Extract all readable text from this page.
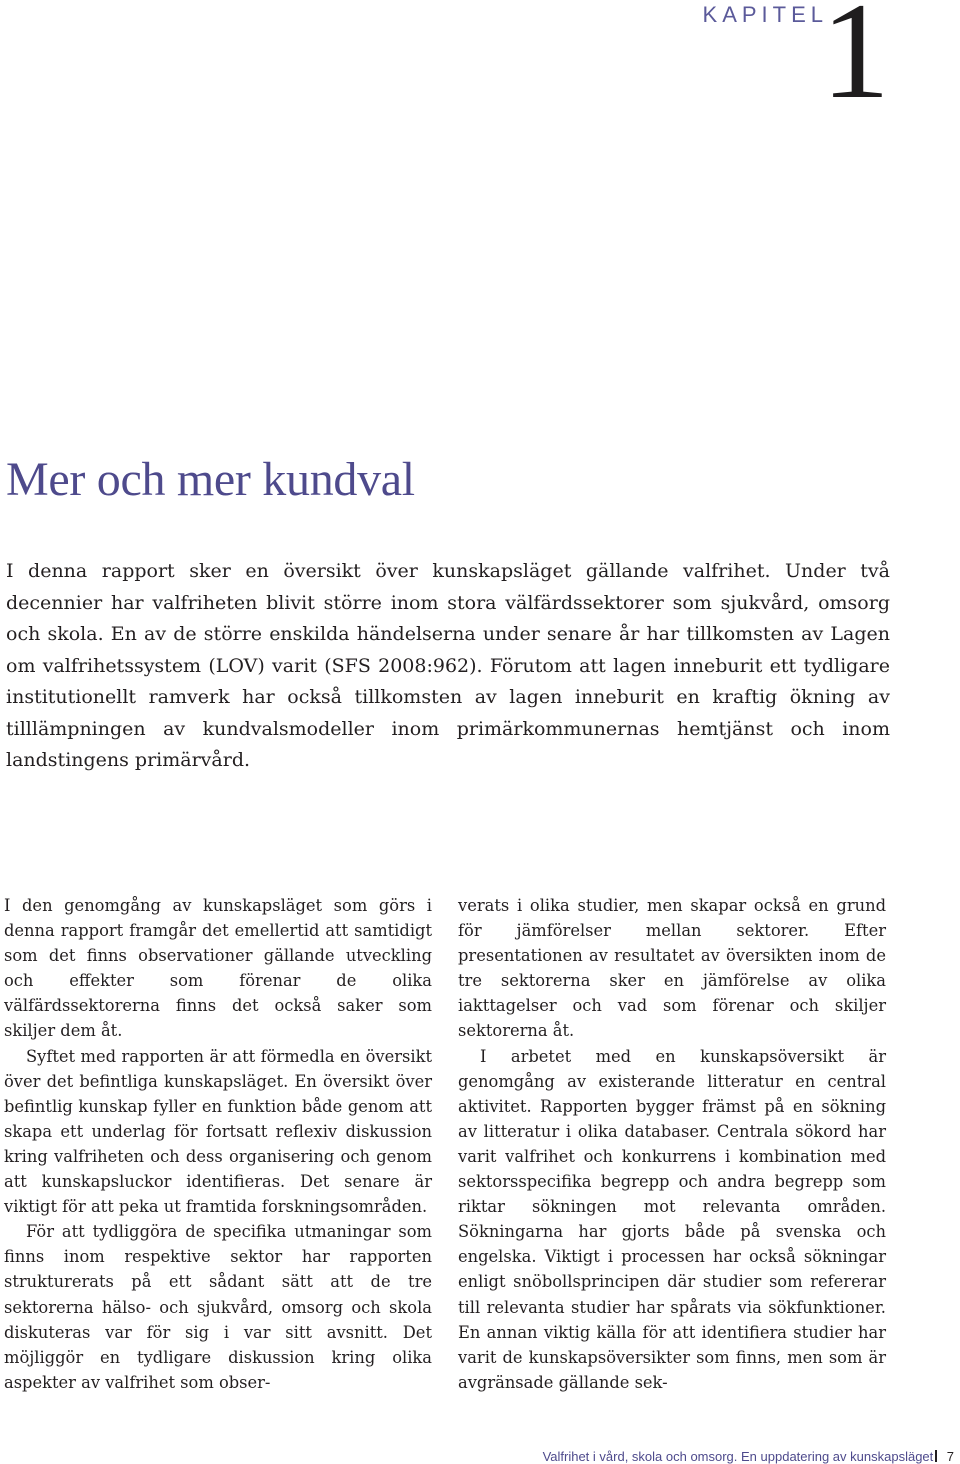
KAPITEL
1
Mer och mer kundval

I denna rapport sker en översikt över kunskapsläget gällande valfrihet. Under två decennier har valfriheten blivit större inom stora välfärdssektorer som sjukvård, omsorg och skola. En av de större enskilda händelserna under senare år har tillkomsten av Lagen om valfrihetssystem (LOV) varit (SFS 2008:962). Förutom att lagen inneburit ett tydligare institutionellt ramverk har också tillkomsten av lagen inneburit en kraftig ökning av tilllämpningen av kundvalsmodeller inom primärkommunernas hemtjänst och inom landstingens primärvård.

I den genomgång av kunskapsläget som görs i denna rapport framgår det emellertid att samtidigt som det finns observationer gällande utveckling och effekter som förenar de olika välfärdssektorerna finns det också saker som skiljer dem åt.

Syftet med rapporten är att förmedla en översikt över det befintliga kunskapsläget. En översikt över befintlig kunskap fyller en funktion både genom att skapa ett underlag för fortsatt reflexiv diskussion kring valfriheten och dess organisering och genom att kunskapsluckor identifieras. Det senare är viktigt för att peka ut framtida forskningsområden.

För att tydliggöra de specifika utmaningar som finns inom respektive sektor har rapporten strukturerats på ett sådant sätt att de tre sektorerna hälso- och sjukvård, omsorg och skola diskuteras var för sig i var sitt avsnitt. Det möjliggör en tydligare diskussion kring olika aspekter av valfrihet som obser-

verats i olika studier, men skapar också en grund för jämförelser mellan sektorer. Efter presentationen av resultatet av översikten inom de tre sektorerna sker en jämförelse av olika iakttagelser och vad som förenar och skiljer sektorerna åt.

I arbetet med en kunskapsöversikt är genomgång av existerande litteratur en central aktivitet. Rapporten bygger främst på en sökning av litteratur i olika databaser. Centrala sökord har varit valfrihet och konkurrens i kombination med sektorsspecifika begrepp och andra begrepp som riktar sökningen mot relevanta områden. Sökningarna har gjorts både på svenska och engelska. Viktigt i processen har också sökningar enligt snöbollsprincipen där studier som refererar till relevanta studier har spårats via sökfunktioner. En annan viktig källa för att identifiera studier har varit de kunskapsöversikter som finns, men som är avgränsade gällande sek-

Valfrihet i vård, skola och omsorg. En uppdatering av kunskapsläget 7
